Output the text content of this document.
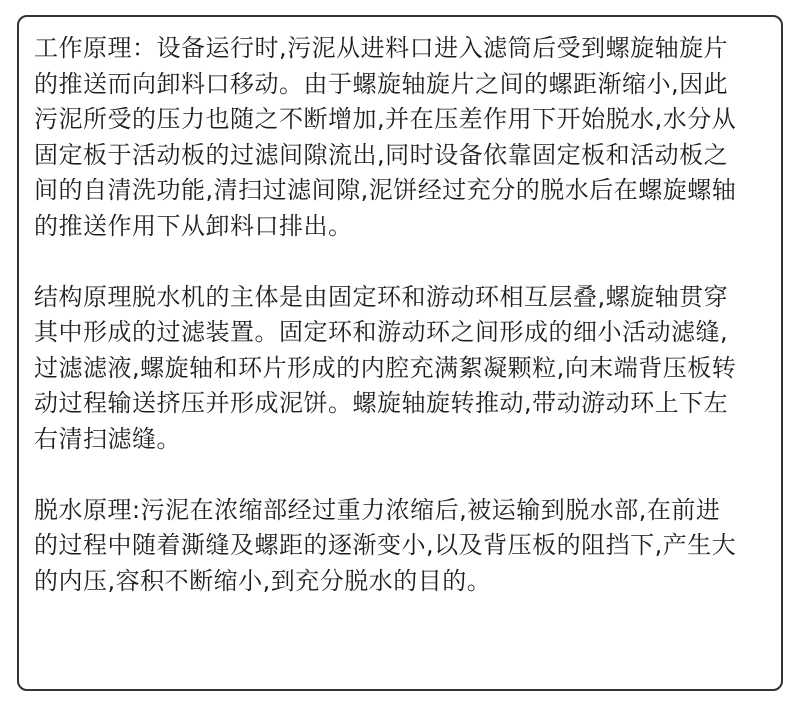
工作原理：设备运行时,污泥从进料口进入滤筒后受到螺旋轴旋片
的推送而向卸料口移动。由于螺旋轴旋片之间的螺距渐缩小,因此
污泥所受的压力也随之不断增加,并在压差作用下开始脱水,水分从
固定板于活动板的过滤间隙流出,同时设备依靠固定板和活动板之
间的自清洗功能,清扫过滤间隙,泥饼经过充分的脱水后在螺旋螺轴
的推送作用下从卸料口排出。
结构原理脱水机的主体是由固定环和游动环相互层叠,螺旋轴贯穿
其中形成的过滤装置。固定环和游动环之间形成的细小活动滤缝,
过滤滤液,螺旋轴和环片形成的内腔充满絮凝颗粒,向末端背压板转
动过程输送挤压并形成泥饼。螺旋轴旋转推动,带动游动环上下左
右清扫滤缝。
脱水原理:污泥在浓缩部经过重力浓缩后,被运输到脱水部,在前进
的过程中随着澌缝及螺距的逐渐变小,以及背压板的阻挡下,产生大
的内压,容积不断缩小,到充分脱水的目的。
